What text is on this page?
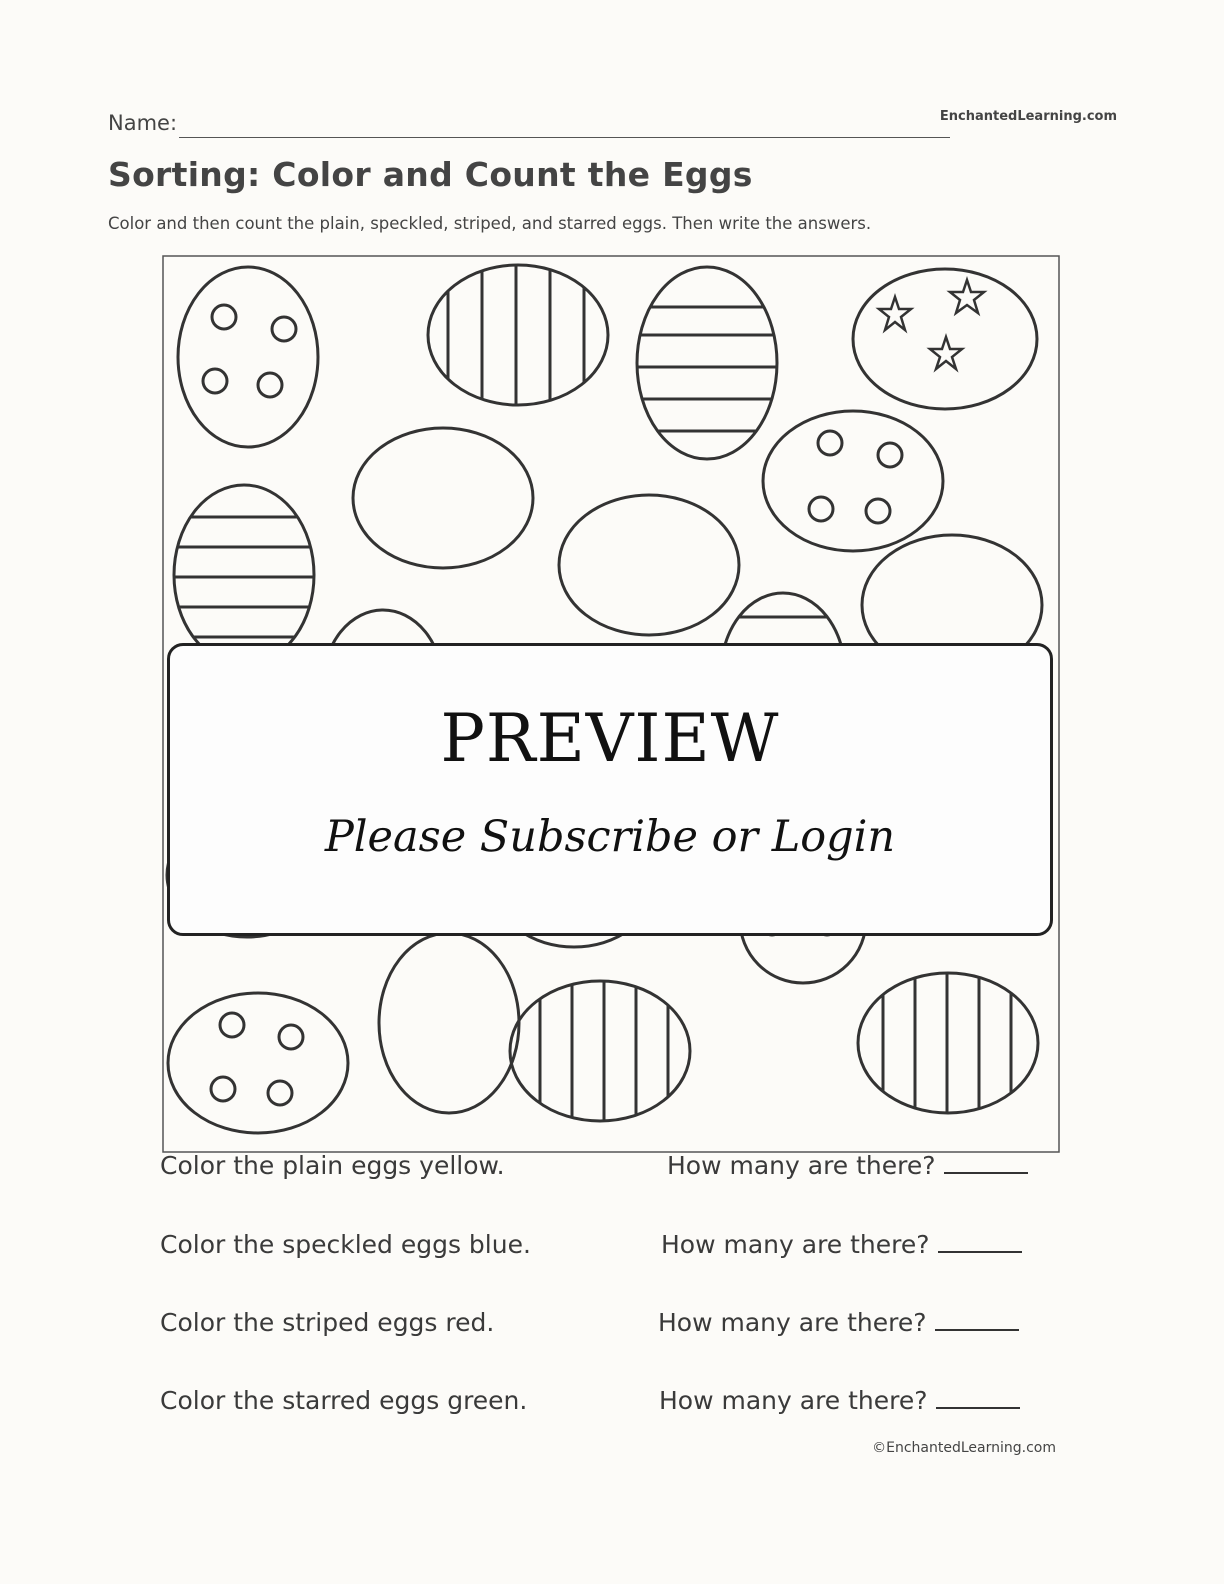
Name:	EnchantedLearning.com
Sorting: Color and Count the Eggs
Color and then count the plain, speckled, striped, and starred eggs. Then write the answers.
PREVIEW
Please Subscribe or Login
Color the plain eggs yellow.	How many are there?
Color the speckled eggs blue.	How many are there?
Color the striped eggs red.	How many are there?
Color the starred eggs green.	How many are there?
©EnchantedLearning.com
